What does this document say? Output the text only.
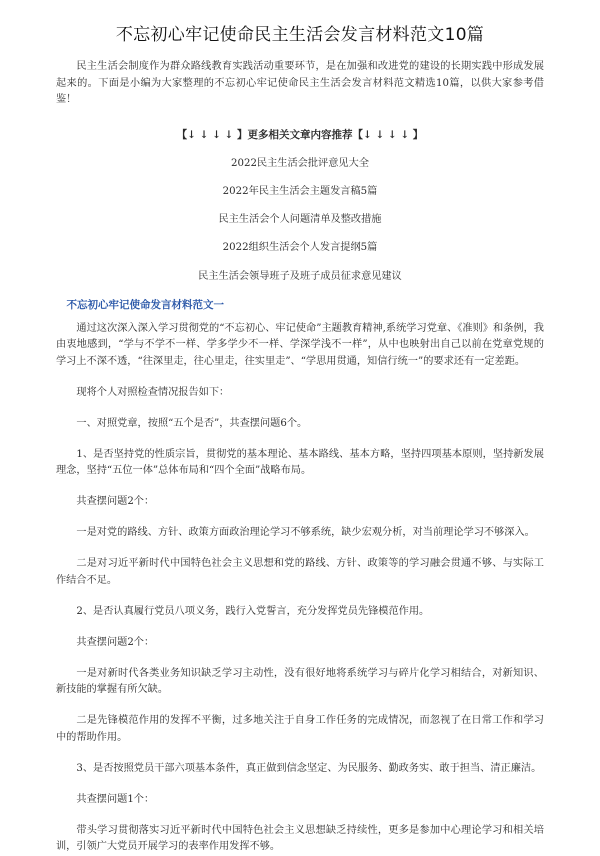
不忘初心牢记使命民主生活会发言材料范文10篇

民主生活会制度作为群众路线教育实践活动重要环节，是在加强和改进党的建设的长期实践中形成发展起来的。下面是小编为大家整理的不忘初心牢记使命民主生活会发言材料范文精选10篇，以供大家参考借鉴！

【↓ ↓ ↓ ↓ 】更多相关文章内容推荐【↓ ↓ ↓ ↓ 】
2022民主生活会批评意见大全
2022年民主生活会主题发言稿5篇
民主生活会个人问题清单及整改措施
2022组织生活会个人发言提纲5篇
民主生活会领导班子及班子成员征求意见建议
不忘初心牢记使命发言材料范文一

通过这次深入深入学习贯彻党的“不忘初心、牢记使命”主题教育精神,系统学习党章、《准则》和条例，我由衷地感到，“学与不学不一样、学多学少不一样、学深学浅不一样”，从中也映射出自己以前在党章党规的学习上不深不透，“往深里走，往心里走，往实里走”、“学思用贯通，知信行统一”的要求还有一定差距。

现将个人对照检查情况报告如下：

一、对照党章，按照“五个是否”，共查摆问题6个。

1、是否坚持党的性质宗旨，贯彻党的基本理论、基本路线、基本方略，坚持四项基本原则，坚持新发展理念，坚持“五位一体”总体布局和“四个全面”战略布局。

共查摆问题2个：

一是对党的路线、方针、政策方面政治理论学习不够系统，缺少宏观分析，对当前理论学习不够深入。

二是对习近平新时代中国特色社会主义思想和党的路线、方针、政策等的学习融会贯通不够、与实际工作结合不足。

2、是否认真履行党员八项义务，践行入党誓言，充分发挥党员先锋模范作用。

共查摆问题2个：

一是对新时代各类业务知识缺乏学习主动性，没有很好地将系统学习与碎片化学习相结合，对新知识、新技能的掌握有所欠缺。

二是先锋模范作用的发挥不平衡，过多地关注于自身工作任务的完成情况，而忽视了在日常工作和学习中的帮助作用。

3、是否按照党员干部六项基本条件，真正做到信念坚定、为民服务、勤政务实、敢于担当、清正廉洁。

共查摆问题1个：

带头学习贯彻落实习近平新时代中国特色社会主义思想缺乏持续性，更多是参加中心理论学习和相关培训，引领广大党员开展学习的表率作用发挥不够。
